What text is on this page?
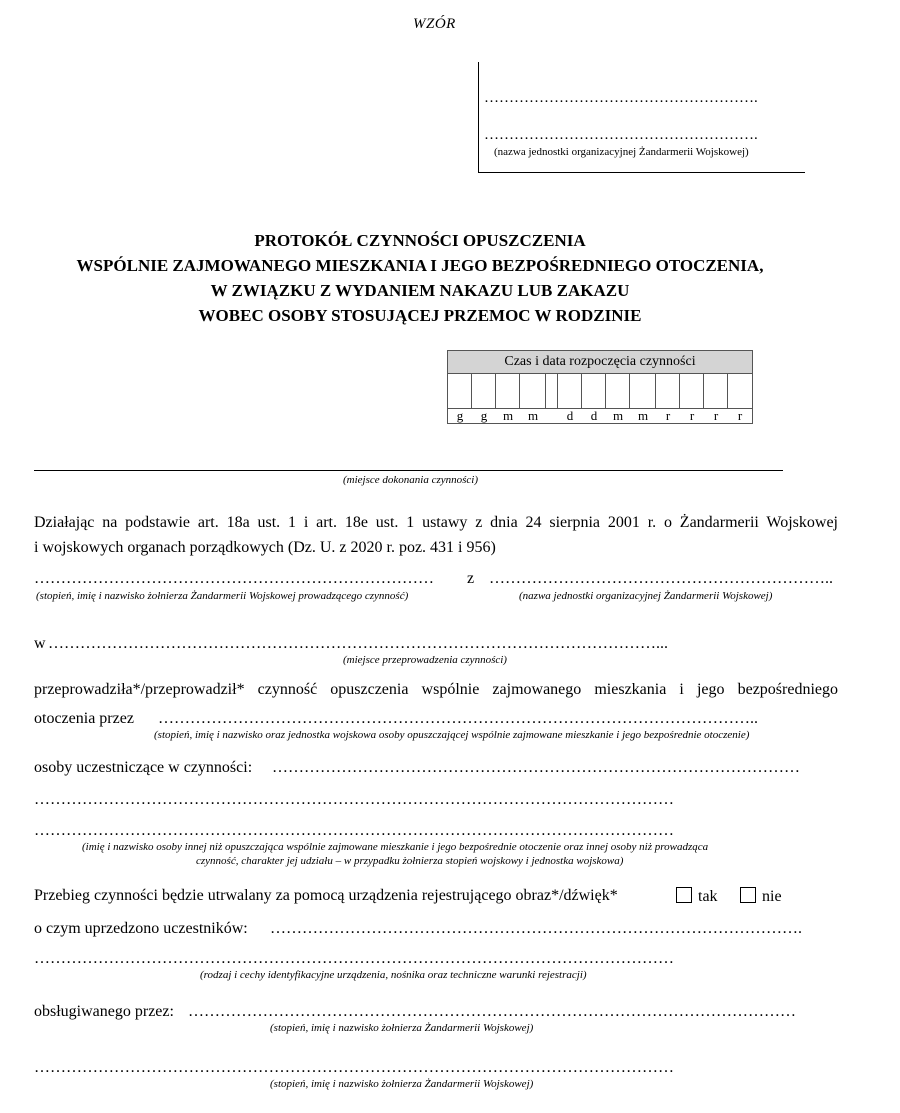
WZÓR
……………………………………………….
……………………………………………….
(nazwa jednostki organizacyjnej Żandarmerii Wojskowej)
PROTOKÓŁ CZYNNOŚCI OPUSZCZENIA
WSPÓLNIE ZAJMOWANEGO MIESZKANIA I JEGO BEZPOŚREDNIEGO OTOCZENIA,
W ZWIĄZKU Z WYDANIEM NAKAZU LUB ZAKAZU
WOBEC OSOBY STOSUJĄCEJ PRZEMOC W RODZINIE
Czas i data rozpoczęcia czynności
g	g	m	m	d	d	m	m	r	r	r	r
(miejsce dokonania czynności)
Działając na podstawie art. 18a ust. 1 i art. 18e ust. 1 ustawy z dnia 24 sierpnia 2001 r. o Żandarmerii Wojskowej
i wojskowych organach porządkowych (Dz. U. z 2020 r. poz. 431 i 956)
…………………………………………………………………	z ………………………………………………………..
(stopień, imię i nazwisko żołnierza Żandarmerii Wojskowej prowadzącego czynność)	(nazwa jednostki organizacyjnej Żandarmerii Wojskowej)
w ……………………………………………………………………………………………………...
(miejsce przeprowadzenia czynności)
przeprowadziła*/przeprowadził* czynność opuszczenia wspólnie zajmowanego mieszkania i jego bezpośredniego
otoczenia przez …………………………………………………………………………………………………..
(stopień, imię i nazwisko oraz jednostka wojskowa osoby opuszczającej wspólnie zajmowane mieszkanie i jego bezpośrednie otoczenie)
osoby uczestniczące w czynności: ………………………………………………………………………………………
…………………………………………………………………………………………………………
…………………………………………………………………………………………………………
(imię i nazwisko osoby innej niż opuszczająca wspólnie zajmowane mieszkanie i jego bezpośrednie otoczenie oraz innej osoby niż prowadząca
czynność, charakter jej udziału – w przypadku żołnierza stopień wojskowy i jednostka wojskowa)
Przebieg czynności będzie utrwalany za pomocą urządzenia rejestrującego obraz*/dźwięk*	tak	nie
o czym uprzedzono uczestników: ……………………………………………………………………………………….
…………………………………………………………………………………………………………
(rodzaj i cechy identyfikacyjne urządzenia, nośnika oraz techniczne warunki rejestracji)
obsługiwanego przez: ……………………………………………………………………………………………………
(stopień, imię i nazwisko żołnierza Żandarmerii Wojskowej)
…………………………………………………………………………………………………………
(stopień, imię i nazwisko żołnierza Żandarmerii Wojskowej)
